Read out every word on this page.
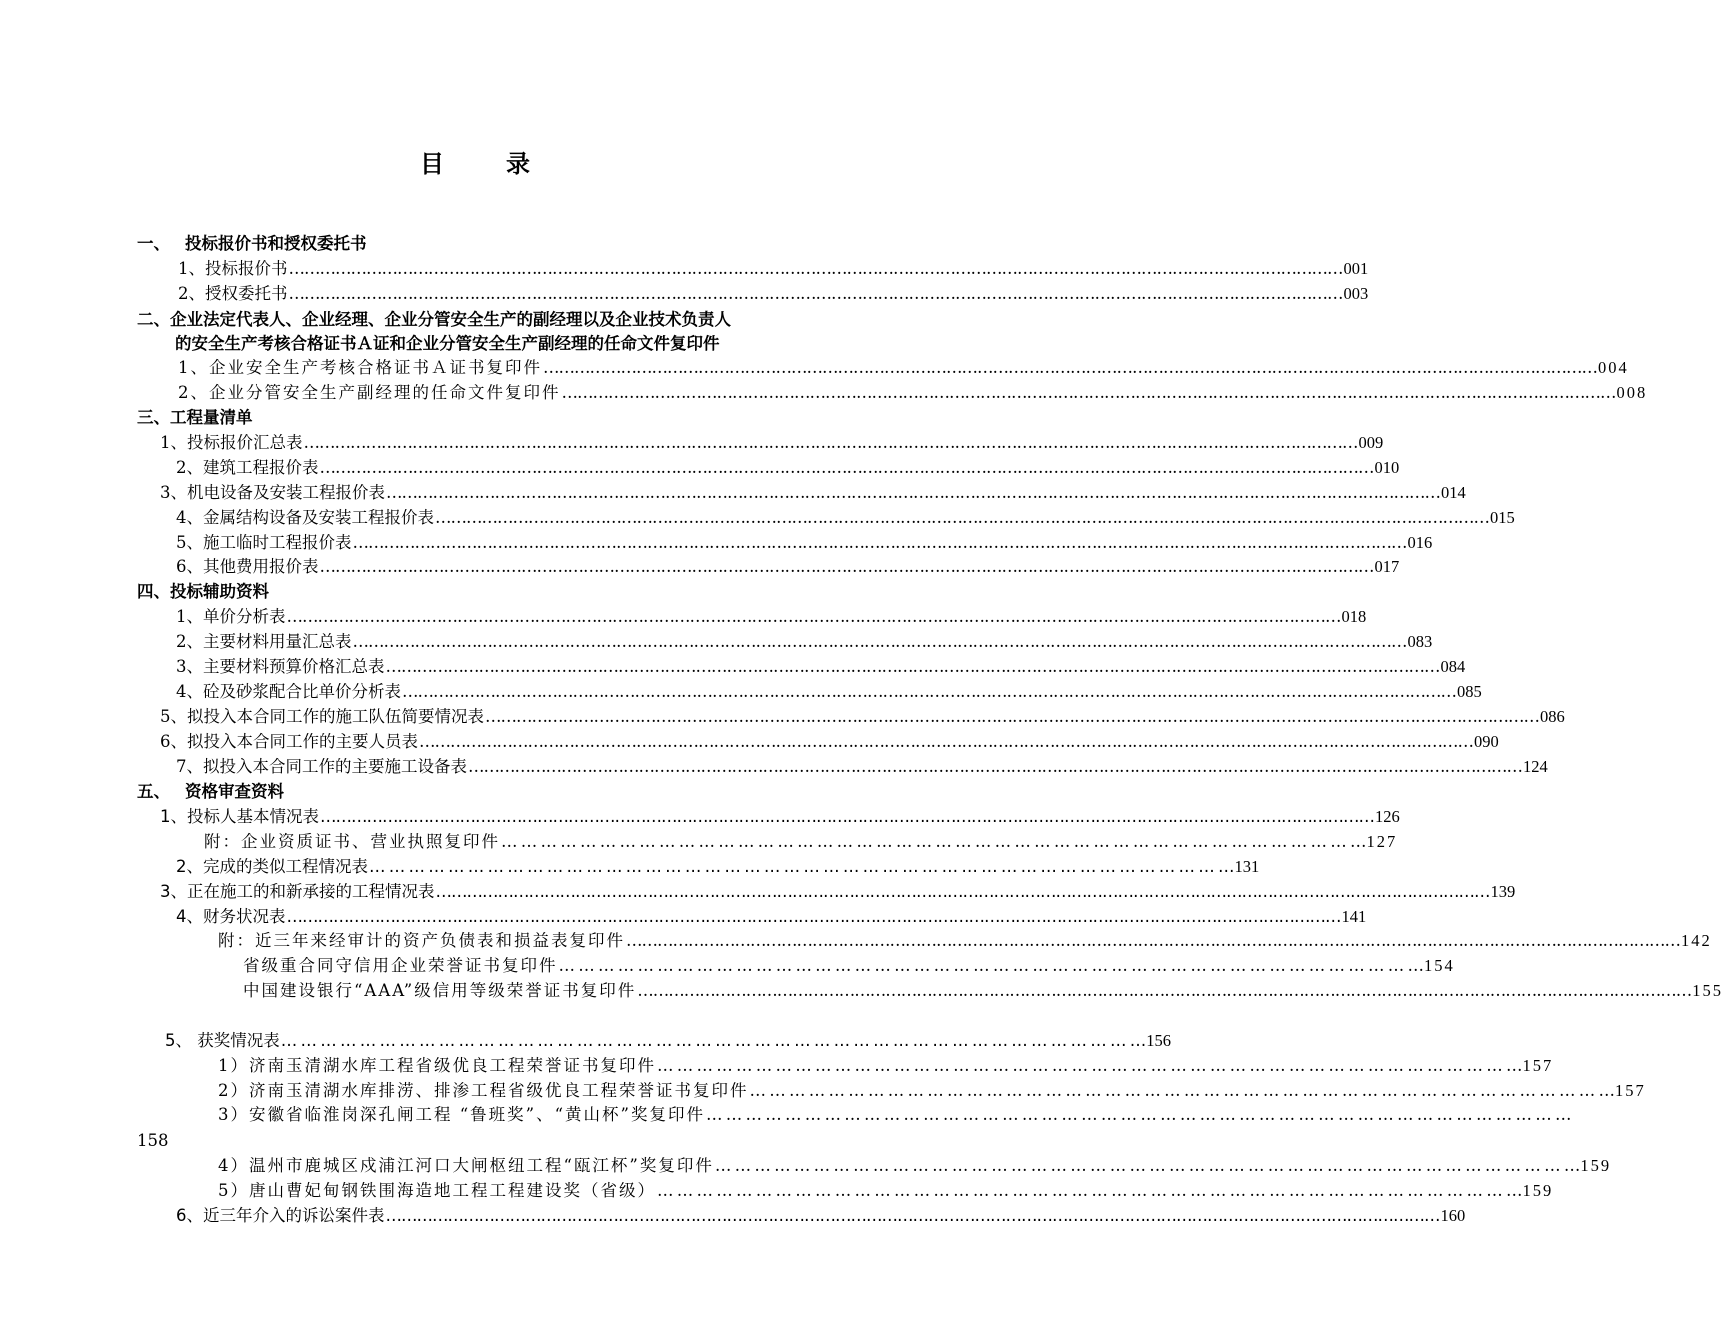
目	录
一、 投标报价书和授权委托书
1、投标报价书 …………………………………………………………………………………………………………………………………………………………………………………… 001
2、授权委托书 …………………………………………………………………………………………………………………………………………………………………………………… 003
二、企业法定代表人、企业经理、企业分管安全生产的副经理以及企业技术负责人
的安全生产考核合格证书Ａ证和企业分管安全生产副经理的任命文件复印件
1、企业安全生产考核合格证书Ａ证书复印件 …………………………………………………………………………………………………………………………………………………………………………………… 004
2、企业分管安全生产副经理的任命文件复印件 …………………………………………………………………………………………………………………………………………………………………………………… 008
三、工程量清单
1、投标报价汇总表 …………………………………………………………………………………………………………………………………………………………………………………… 009
2、建筑工程报价表 …………………………………………………………………………………………………………………………………………………………………………………… 010
3、机电设备及安装工程报价表 …………………………………………………………………………………………………………………………………………………………………………………… 014
4、金属结构设备及安装工程报价表 …………………………………………………………………………………………………………………………………………………………………………………… 015
5、施工临时工程报价表 …………………………………………………………………………………………………………………………………………………………………………………… 016
6、其他费用报价表 …………………………………………………………………………………………………………………………………………………………………………………… 017
四、投标辅助资料
1、单价分析表 …………………………………………………………………………………………………………………………………………………………………………………… 018
2、主要材料用量汇总表 …………………………………………………………………………………………………………………………………………………………………………………… 083
3、主要材料预算价格汇总表 …………………………………………………………………………………………………………………………………………………………………………………… 084
4、砼及砂浆配合比单价分析表 …………………………………………………………………………………………………………………………………………………………………………………… 085
5、拟投入本合同工作的施工队伍简要情况表 …………………………………………………………………………………………………………………………………………………………………………………… 086
6、拟投入本合同工作的主要人员表 …………………………………………………………………………………………………………………………………………………………………………………… 090
7、拟投入本合同工作的主要施工设备表 …………………………………………………………………………………………………………………………………………………………………………………… 124
五、 资格审查资料
1、投标人基本情况表 …………………………………………………………………………………………………………………………………………………………………………………… 126
附：企业资质证书、营业执照复印件 … … … … … … … … … … … … … … … … … … … … … … … … … … … … … … … … … … … … … … … … … … … … 127
2、完成的类似工程情况表 … … … … … … … … … … … … … … … … … … … … … … … … … … … … … … … … … … … … … … … … … … … … 131
3、正在施工的和新承接的工程情况表 …………………………………………………………………………………………………………………………………………………………………………………… 139
4、财务状况表 …………………………………………………………………………………………………………………………………………………………………………………… 141
附：近三年来经审计的资产负债表和损益表复印件 …………………………………………………………………………………………………………………………………………………………………………………… 142
省级重合同守信用企业荣誉证书复印件 … … … … … … … … … … … … … … … … … … … … … … … … … … … … … … … … … … … … … … … … … … … … 154
中国建设银行“AAA”级信用等级荣誉证书复印件 …………………………………………………………………………………………………………………………………………………………………………………… 155
5、 获奖情况表 … … … … … … … … … … … … … … … … … … … … … … … … … … … … … … … … … … … … … … … … … … … … 156
1）济南玉清湖水库工程省级优良工程荣誉证书复印件 … … … … … … … … … … … … … … … … … … … … … … … … … … … … … … … … … … … … … … … … … … … … 157
2）济南玉清湖水库排涝、排渗工程省级优良工程荣誉证书复印件 … … … … … … … … … … … … … … … … … … … … … … … … … … … … … … … … … … … … … … … … … … … … 157
3）安徽省临淮岗深孔闸工程 “鲁班奖”、“黄山杯”奖复印件 … … … … … … … … … … … … … … … … … … … … … … … … … … … … … … … … … … … … … … … … … … … …
158
4）温州市鹿城区戍浦江河口大闸枢纽工程“瓯江杯”奖复印件 … … … … … … … … … … … … … … … … … … … … … … … … … … … … … … … … … … … … … … … … … … … … 159
5）唐山曹妃甸钢铁围海造地工程工程建设奖（省级） … … … … … … … … … … … … … … … … … … … … … … … … … … … … … … … … … … … … … … … … … … … … 159
6、近三年介入的诉讼案件表 …………………………………………………………………………………………………………………………………………………………………………………… 160
